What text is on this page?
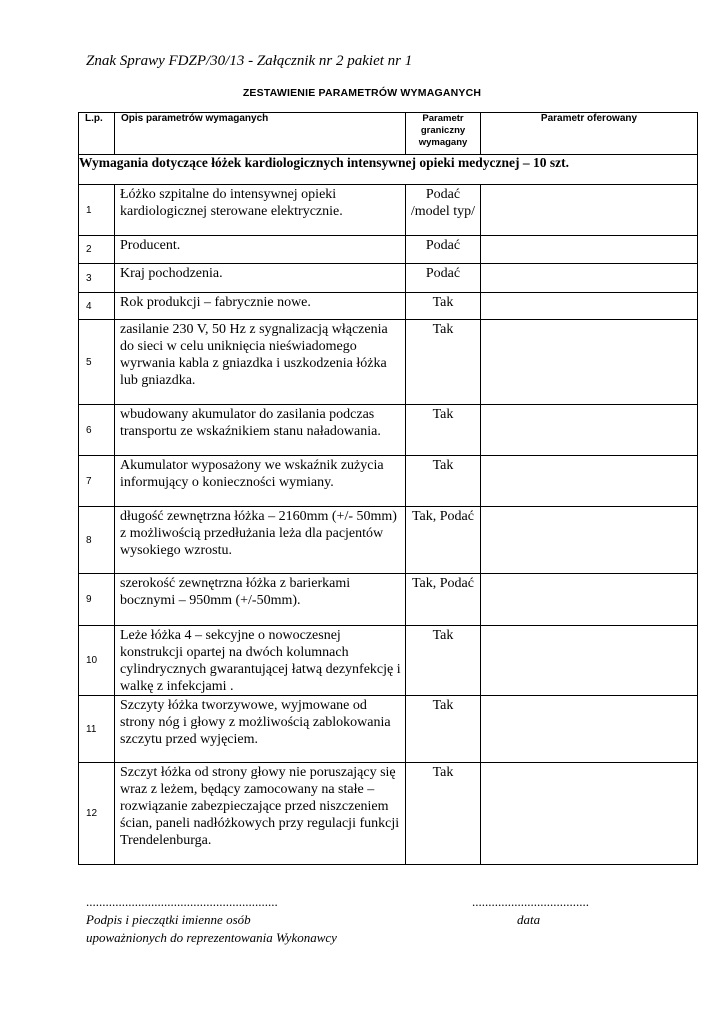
Znak Sprawy FDZP/30/13 - Załącznik nr 2 pakiet nr 1
ZESTAWIENIE PARAMETRÓW WYMAGANYCH
L.p.	Opis parametrów wymaganych	Parametr
graniczny
wymagany	Parametr oferowany
Wymagania dotyczące łóżek kardiologicznych intensywnej opieki medycznej – 10 szt.			
1	Łóżko szpitalne do intensywnej opieki kardiologicznej sterowane elektrycznie.	Podać /model typ/	
2	Producent.	Podać	
3	Kraj pochodzenia.	Podać	
4	Rok produkcji – fabrycznie nowe.	Tak	
5	zasilanie 230 V, 50 Hz z sygnalizacją włączenia do sieci w celu uniknięcia nieświadomego wyrwania kabla z gniazdka i uszkodzenia łóżka lub gniazdka.	Tak	
6	wbudowany akumulator do zasilania podczas transportu ze wskaźnikiem stanu naładowania.	Tak	
7	Akumulator wyposażony we wskaźnik zużycia informujący o konieczności wymiany.	Tak	
8	długość zewnętrzna łóżka – 2160mm (+/- 50mm) z możliwością przedłużania leża dla pacjentów wysokiego wzrostu.	Tak, Podać	
9	szerokość zewnętrzna łóżka z barierkami bocznymi – 950mm (+/-50mm).	Tak, Podać	
10	Leże łóżka 4 – sekcyjne o nowoczesnej konstrukcji opartej na dwóch kolumnach cylindrycznych gwarantującej łatwą dezynfekcję i walkę z infekcjami .	Tak	
11	Szczyty łóżka tworzywowe, wyjmowane od strony nóg i głowy z możliwością zablokowania szczytu przed wyjęciem.	Tak	
12	Szczyt łóżka od strony głowy nie poruszający się wraz z leżem, będący zamocowany na stałe – rozwiązanie zabezpieczające przed niszczeniem ścian, paneli nadłóżkowych przy regulacji funkcji Trendelenburga.	Tak	
...........................................................
Podpis i pieczątki imienne osób
upoważnionych do reprezentowania Wykonawcy
....................................
data
